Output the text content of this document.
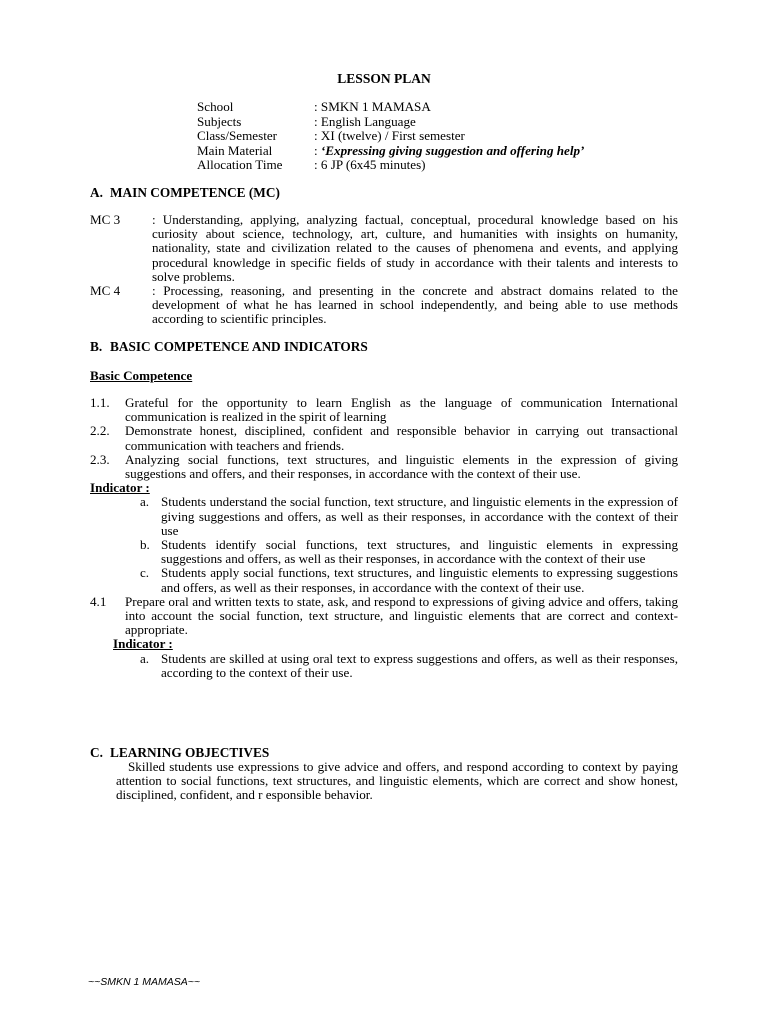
LESSON PLAN
School	: SMKN 1 MAMASA
Subjects	: English Language
Class/Semester	: XI (twelve) / First semester
Main Material	: ‘Expressing giving suggestion and offering help’
Allocation Time	: 6 JP (6x45 minutes)
A. MAIN COMPETENCE (MC)
MC 3	: Understanding, applying, analyzing factual, conceptual, procedural knowledge based on his curiosity about science, technology, art, culture, and humanities with insights on humanity, nationality, state and civilization related to the causes of phenomena and events, and applying procedural knowledge in specific fields of study in accordance with their talents and interests to solve problems.
MC 4	: Processing, reasoning, and presenting in the concrete and abstract domains related to the development of what he has learned in school independently, and being able to use methods according to scientific principles.
B. BASIC COMPETENCE AND INDICATORS
Basic Competence
1.1.	Grateful for the opportunity to learn English as the language of communication International communication is realized in the spirit of learning
2.2.	Demonstrate honest, disciplined, confident and responsible behavior in carrying out transactional communication with teachers and friends.
2.3.	Analyzing social functions, text structures, and linguistic elements in the expression of giving suggestions and offers, and their responses, in accordance with the context of their use.
Indicator :
a. Students understand the social function, text structure, and linguistic elements in the expression of giving suggestions and offers, as well as their responses, in accordance with the context of their use
b. Students identify social functions, text structures, and linguistic elements in expressing suggestions and offers, as well as their responses, in accordance with the context of their use
c. Students apply social functions, text structures, and linguistic elements to expressing suggestions and offers, as well as their responses, in accordance with the context of their use.
4.1	Prepare oral and written texts to state, ask, and respond to expressions of giving advice and offers, taking into account the social function, text structure, and linguistic elements that are correct and context-appropriate.
Indicator :
a. Students are skilled at using oral text to express suggestions and offers, as well as their responses, according to the context of their use.
C. LEARNING OBJECTIVES

Skilled students use expressions to give advice and offers, and respond according to context by paying attention to social functions, text structures, and linguistic elements, which are correct and show honest, disciplined, confident, and r esponsible behavior.

~~SMKN 1 MAMASA~~
